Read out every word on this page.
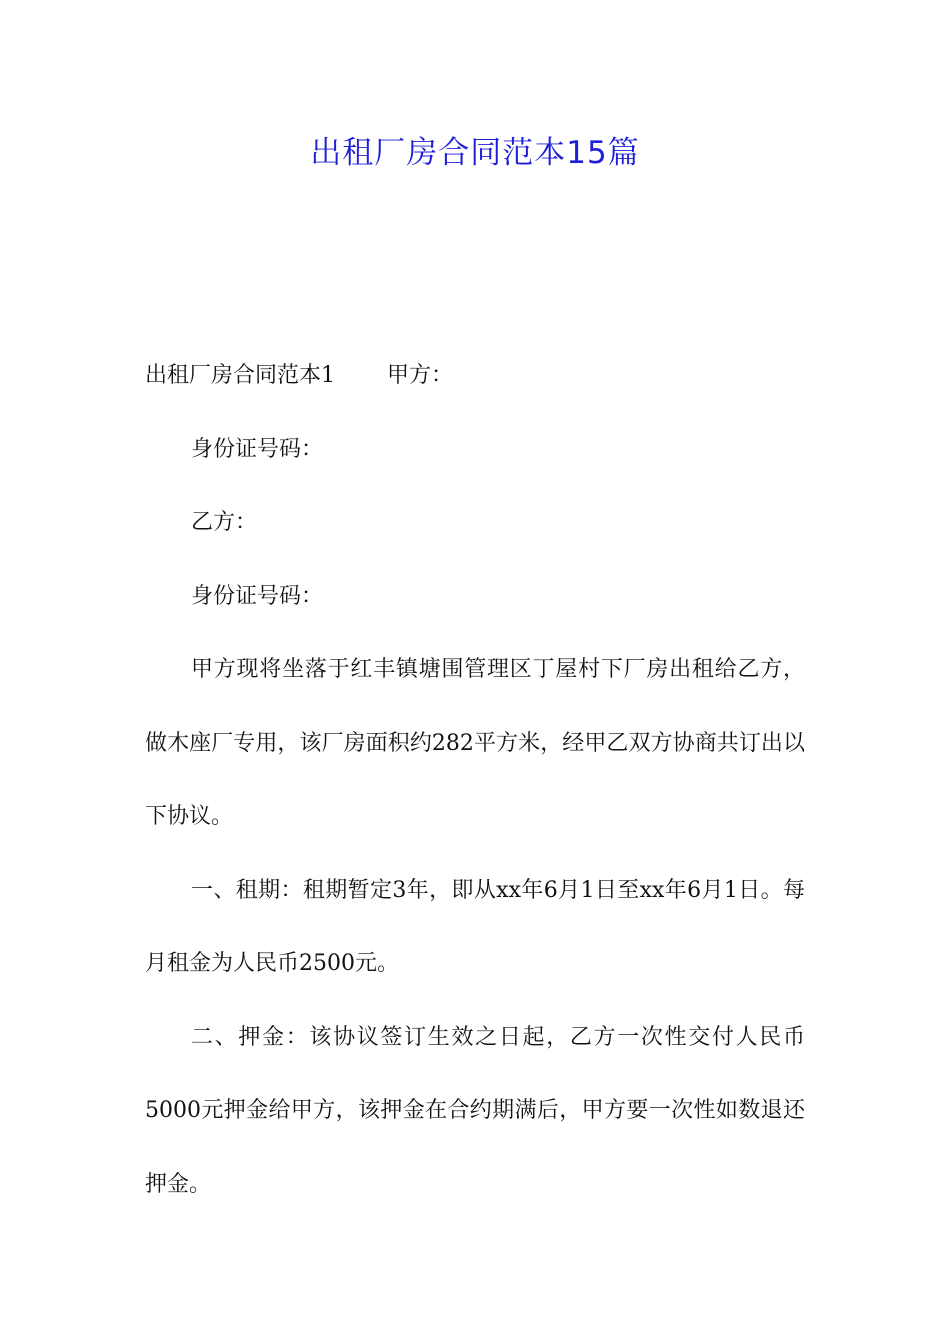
出租厂房合同范本15篇

出租厂房合同范本1 甲方：

身份证号码：

乙方：

身份证号码：

甲方现将坐落于红丰镇塘围管理区丁屋村下厂房出租给乙方，做木座厂专用，该厂房面积约282平方米，经甲乙双方协商共订出以下协议。

一、租期：租期暂定3年，即从xx年6月1日至xx年6月1日。每月租金为人民币2500元。

二、押金：该协议签订生效之日起，乙方一次性交付人民币5000元押金给甲方，该押金在合约期满后，甲方要一次性如数退还押金。
